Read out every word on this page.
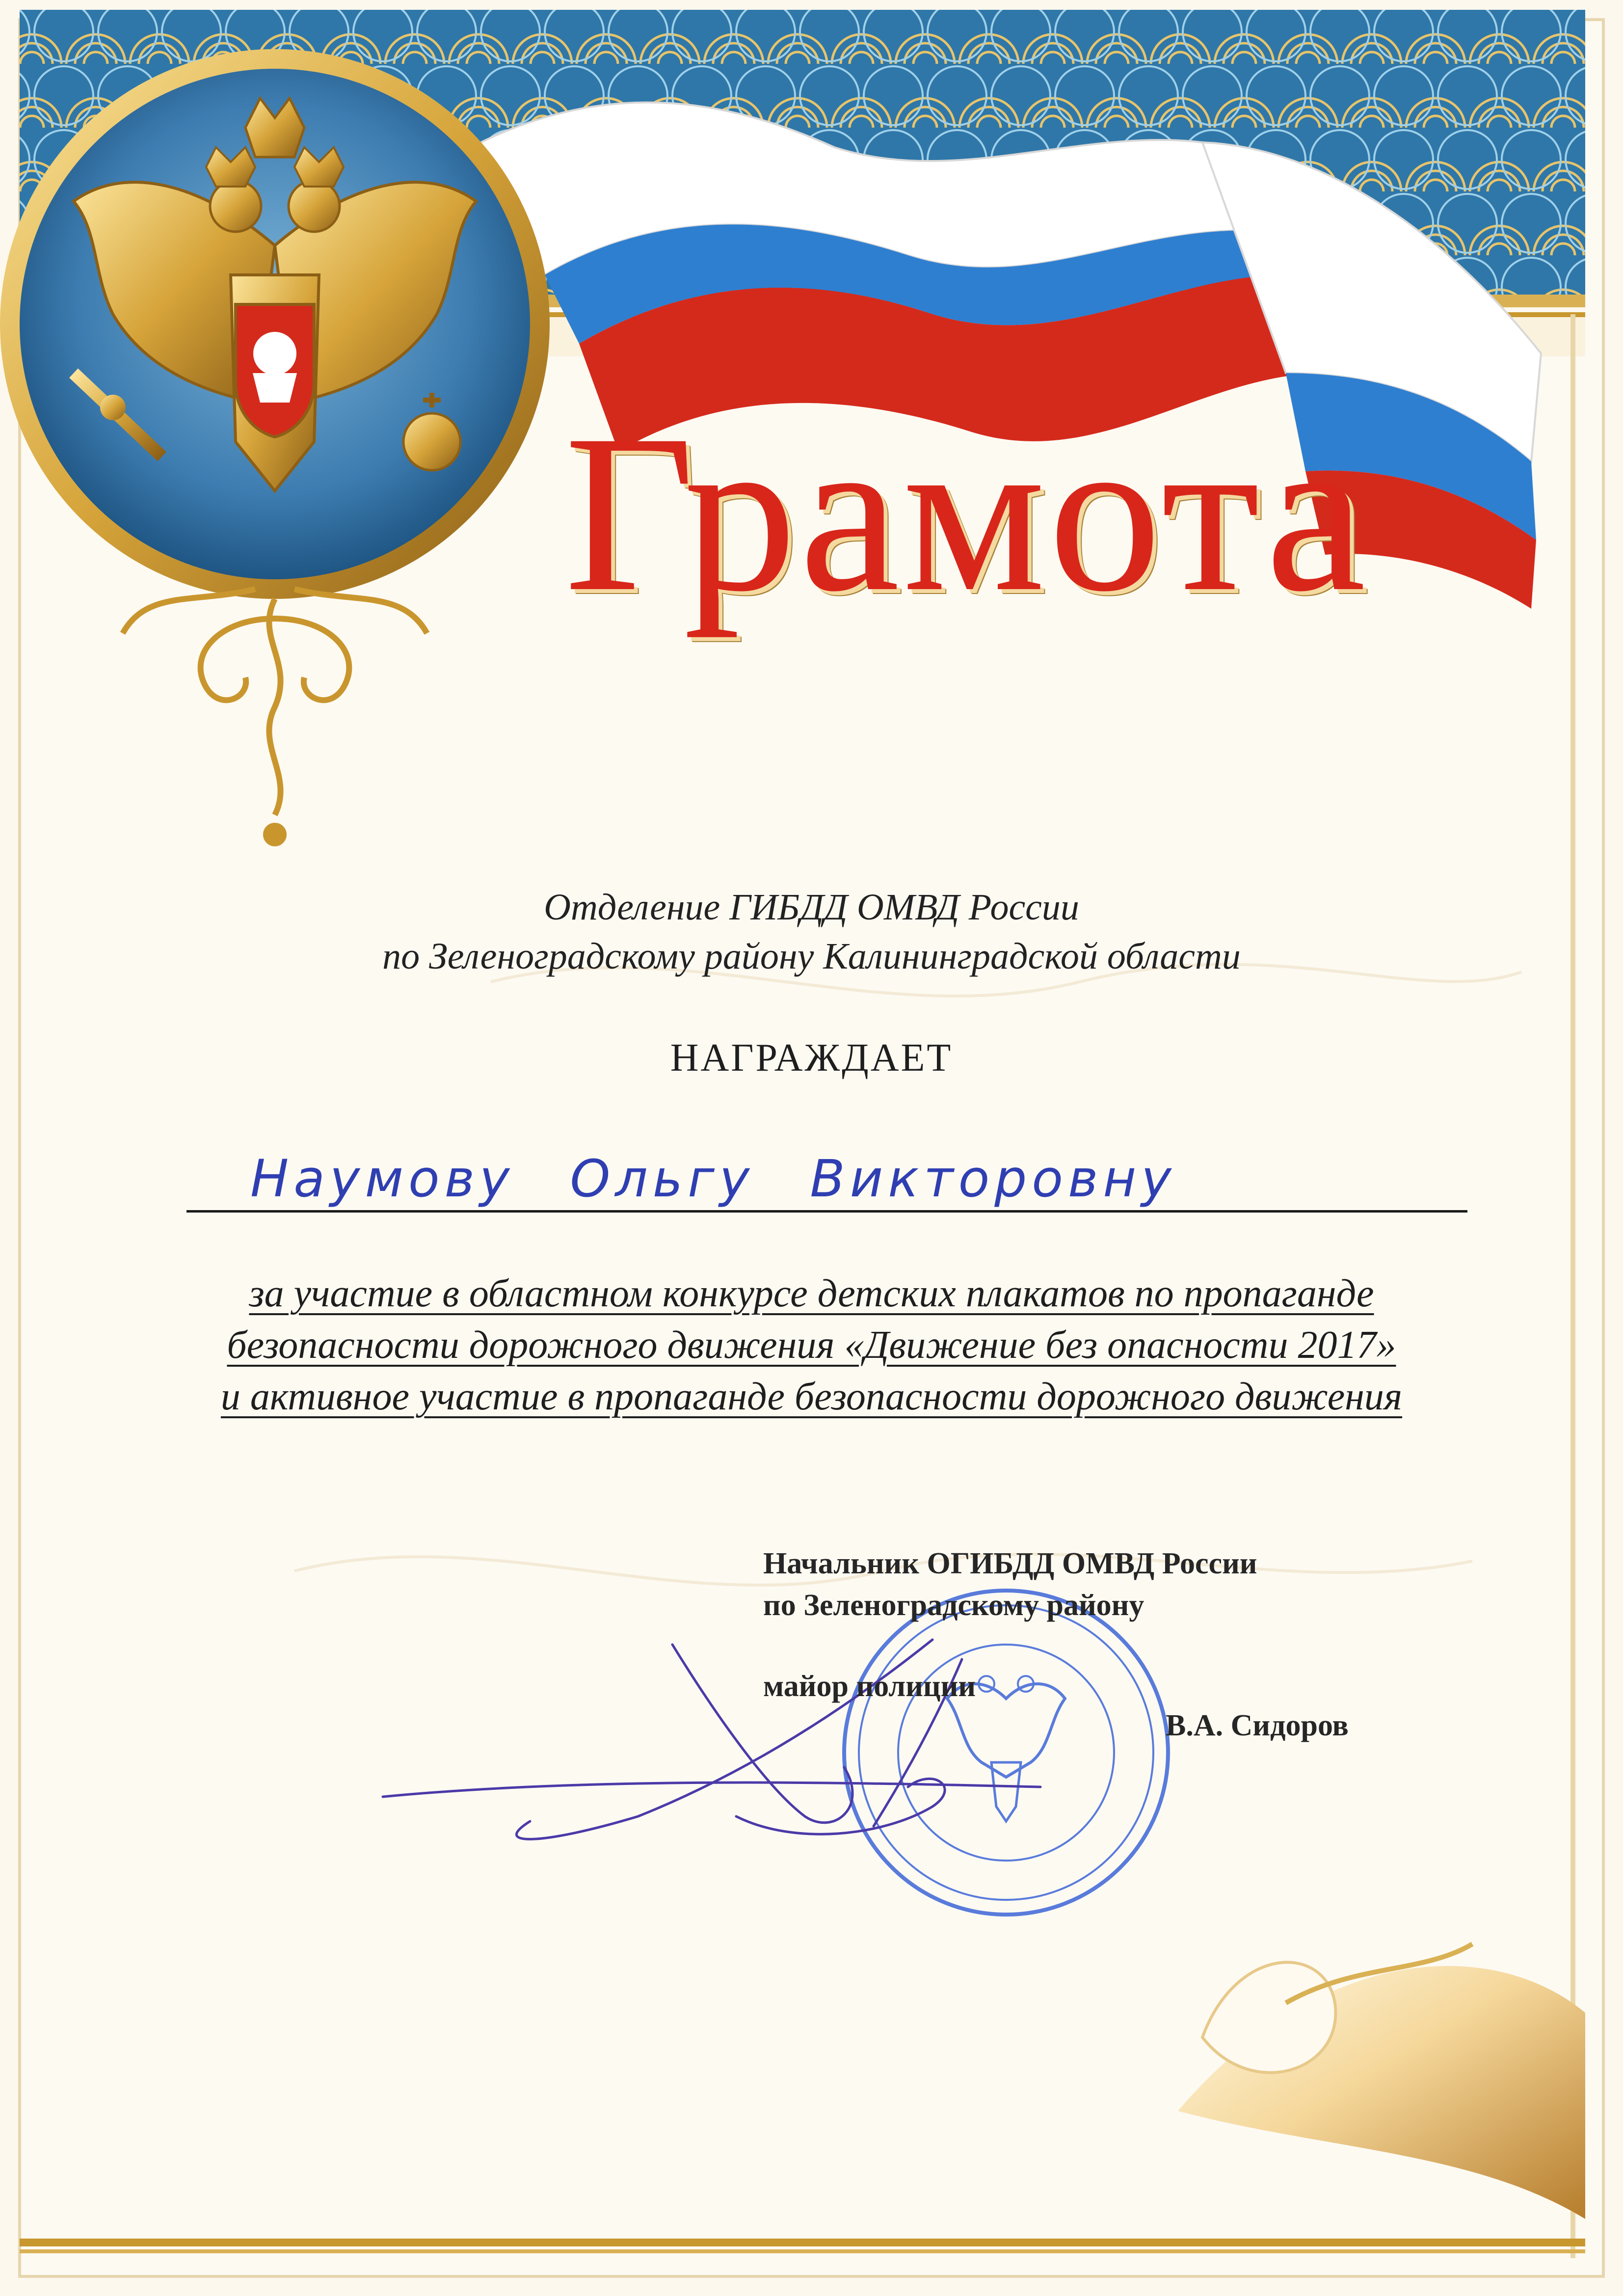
Грамота
Отделение ГИБДД ОМВД России
по Зеленоградскому району Калининградской области
НАГРАЖДАЕТ
Наумову Ольгу Викторовну
за участие в областном конкурсе детских плакатов по пропаганде
безопасности дорожного движения «Движение без опасности 2017»
и активное участие в пропаганде безопасности дорожного движения
Начальник ОГИБДД ОМВД России
по Зеленоградскому району
майор полиции
В.А. Сидоров
